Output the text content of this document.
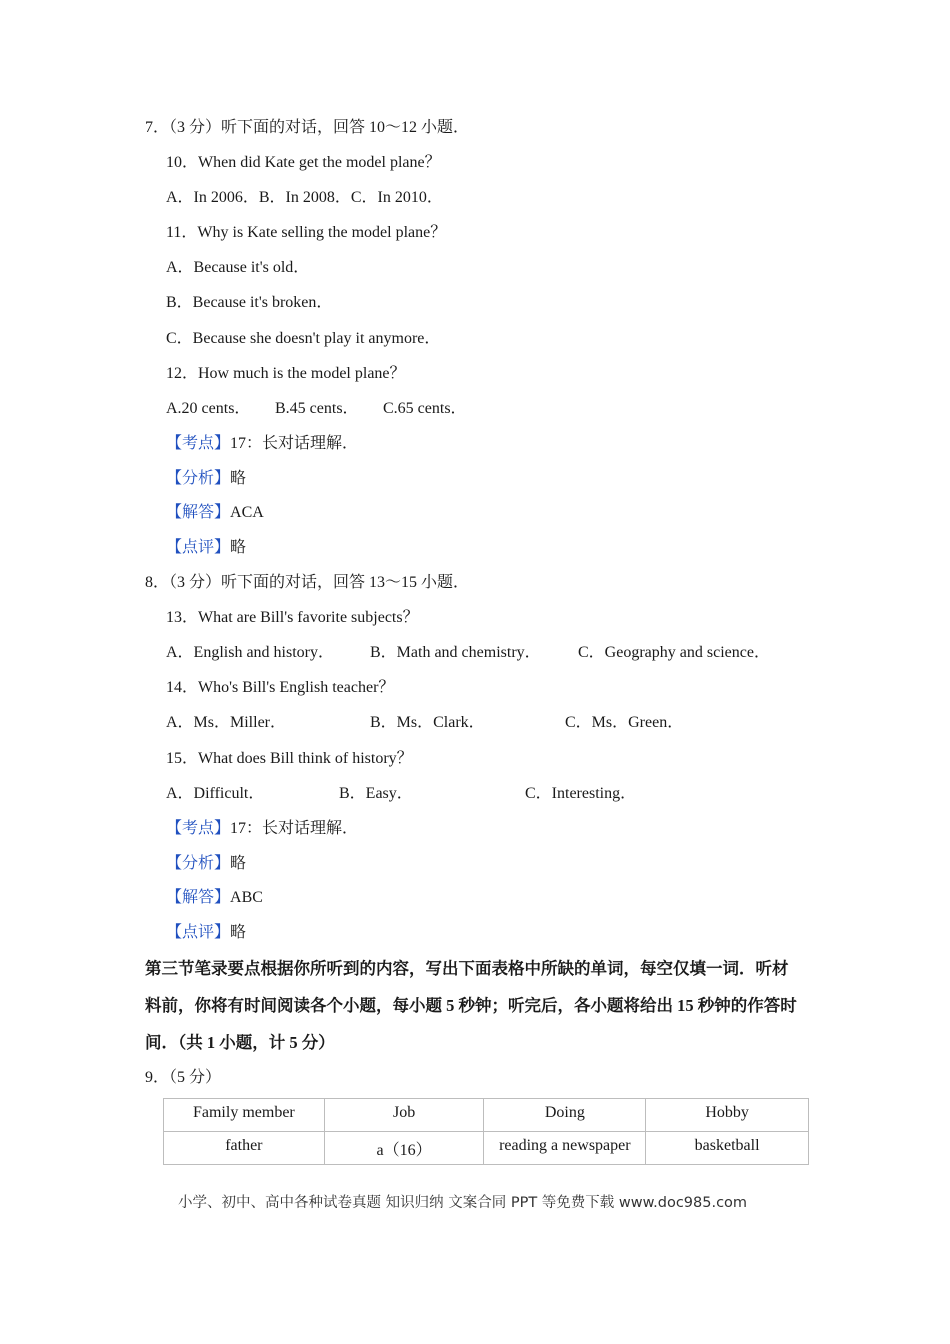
7．（3 分）听下面的对话，回答 10～12 小题．
10．When did Kate get the model plane？
A．In 2006．B．In 2008．C．In 2010．
11．Why is Kate selling the model plane？
A．Because it's old．
B．Because it's broken．
C．Because she doesn't play it anymore．
12．How much is the model plane？
A.20 cents． B.45 cents． C.65 cents．
【考点】17：长对话理解．
【分析】略
【解答】ACA
【点评】略
8．（3 分）听下面的对话，回答 13～15 小题．
13．What are Bill's favorite subjects？
A．English and history． B．Math and chemistry． C．Geography and science．
14．Who's Bill's English teacher？
A．Ms．Miller．	B．Ms．Clark．	C．Ms．Green．
15．What does Bill think of history？
A．Difficult．	B．Easy．	C．Interesting．
【考点】17：长对话理解．
【分析】略
【解答】ABC
【点评】略
第三节笔录要点根据你所听到的内容，写出下面表格中所缺的单词，每空仅填一词．听材
料前，你将有时间阅读各个小题，每小题 5 秒钟；听完后，各小题将给出 15 秒钟的作答时
间．（共 1 小题，计 5 分）
9．（5 分）
Family member	Job	Doing	Hobby
father	a（16）	reading a newspaper	basketball
小学、初中、高中各种试卷真题 知识归纳 文案合同 PPT 等免费下载 www.doc985.com
